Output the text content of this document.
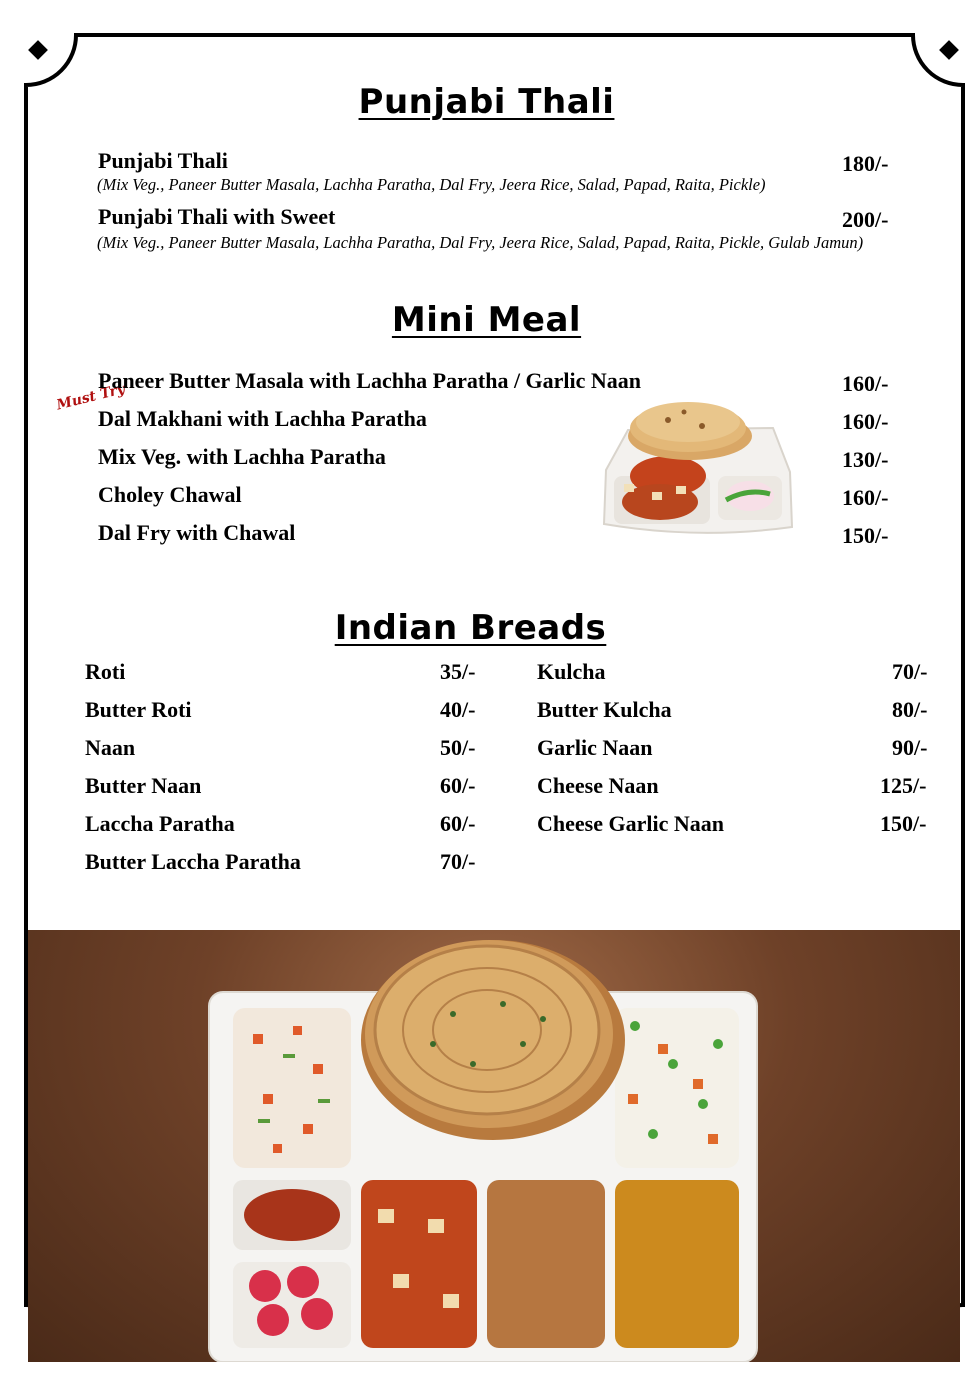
Punjabi Thali
Punjabi Thali	180/-
(Mix Veg., Paneer Butter Masala, Lachha Paratha, Dal Fry, Jeera Rice, Salad, Papad, Raita, Pickle)
Punjabi Thali with Sweet	200/-
(Mix Veg., Paneer Butter Masala, Lachha Paratha, Dal Fry, Jeera Rice, Salad, Papad, Raita, Pickle, Gulab Jamun)
Mini Meal
Must Try
Paneer Butter Masala with Lachha Paratha / Garlic Naan	160/-
Dal Makhani with Lachha Paratha	160/-
Mix Veg. with Lachha Paratha	130/-
Choley Chawal	160/-
Dal Fry with Chawal	150/-
Indian Breads
Roti	35/-
Butter Roti	40/-
Naan	50/-
Butter Naan	60/-
Laccha Paratha	60/-
Butter Laccha Paratha	70/-
Kulcha	70/-
Butter Kulcha	80/-
Garlic Naan	90/-
Cheese Naan	125/-
Cheese Garlic Naan	150/-
